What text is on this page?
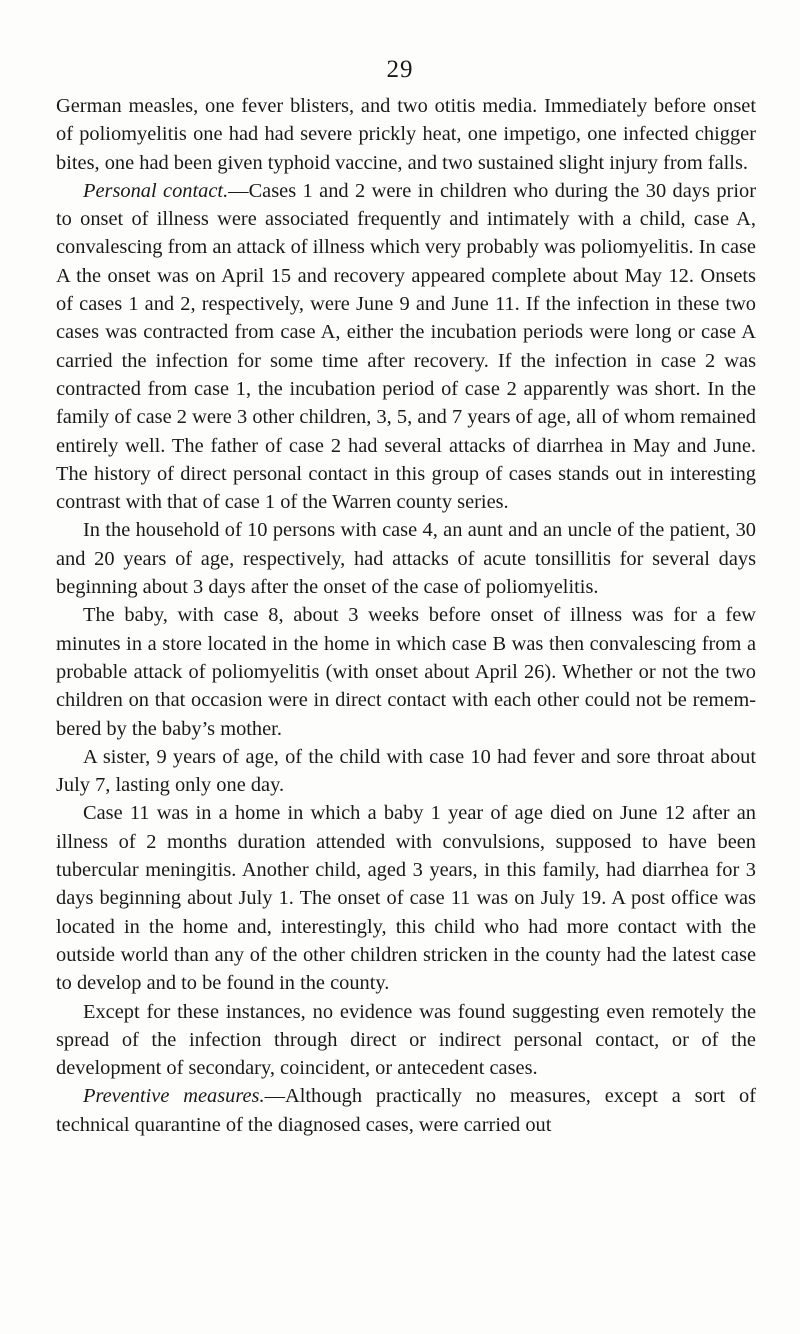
29

German measles, one fever blisters, and two otitis media. Immediately before onset of poliomyelitis one had had severe prickly heat, one impetigo, one infected chigger bites, one had been given typhoid vaccine, and two sustained slight injury from falls.

Personal contact.—Cases 1 and 2 were in children who during the 30 days prior to onset of illness were associated frequently and intimately with a child, case A, convalescing from an attack of illness which very probably was poliomyelitis. In case A the onset was on April 15 and recovery appeared complete about May 12. Onsets of cases 1 and 2, respectively, were June 9 and June 11. If the infection in these two cases was contracted from case A, either the incubation periods were long or case A carried the infection for some time after recovery. If the infection in case 2 was contracted from case 1, the incubation period of case 2 apparently was short. In the family of case 2 were 3 other children, 3, 5, and 7 years of age, all of whom remained entirely well. The father of case 2 had several attacks of diarrhea in May and June. The history of direct personal contact in this group of cases stands out in interesting contrast with that of case 1 of the Warren county series.

In the household of 10 persons with case 4, an aunt and an uncle of the patient, 30 and 20 years of age, respectively, had attacks of acute tonsillitis for several days beginning about 3 days after the onset of the case of poliomyelitis.

The baby, with case 8, about 3 weeks before onset of illness was for a few minutes in a store located in the home in which case B was then convalescing from a probable attack of poliomyelitis (with onset about April 26). Whether or not the two children on that occasion were in direct contact with each other could not be remembered by the baby’s mother.

A sister, 9 years of age, of the child with case 10 had fever and sore throat about July 7, lasting only one day.

Case 11 was in a home in which a baby 1 year of age died on June 12 after an illness of 2 months duration attended with convulsions, supposed to have been tubercular meningitis. Another child, aged 3 years, in this family, had diarrhea for 3 days beginning about July 1. The onset of case 11 was on July 19. A post office was located in the home and, interestingly, this child who had more contact with the outside world than any of the other children stricken in the county had the latest case to develop and to be found in the county.

Except for these instances, no evidence was found suggesting even remotely the spread of the infection through direct or indirect personal contact, or of the development of secondary, coincident, or antecedent cases.

Preventive measures.—Although practically no measures, except a sort of technical quarantine of the diagnosed cases, were carried out
